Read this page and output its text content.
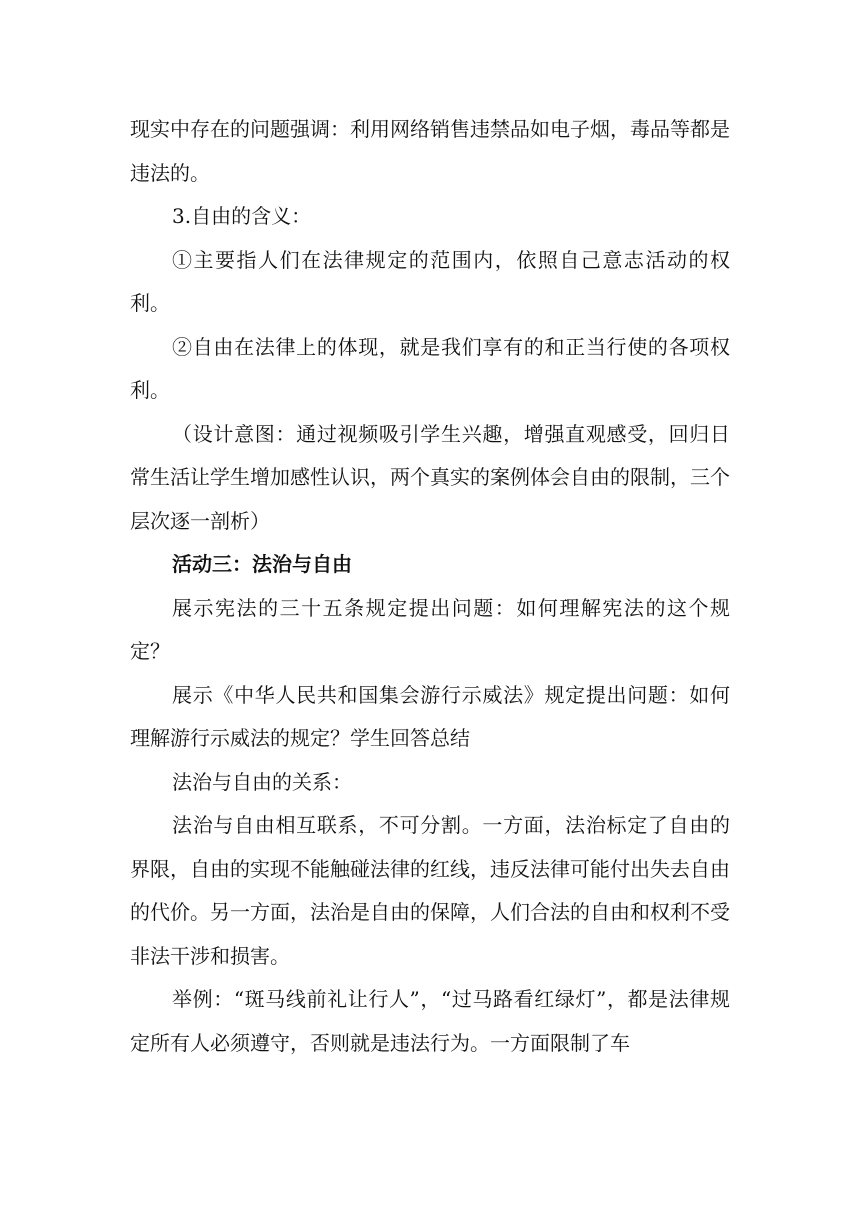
现实中存在的问题强调：利用网络销售违禁品如电子烟，毒品等都是违法的。

3.自由的含义：

①主要指人们在法律规定的范围内，依照自己意志活动的权利。

②自由在法律上的体现，就是我们享有的和正当行使的各项权利。

（设计意图：通过视频吸引学生兴趣，增强直观感受，回归日常生活让学生增加感性认识，两个真实的案例体会自由的限制，三个层次逐一剖析）

活动三：法治与自由

展示宪法的三十五条规定提出问题：如何理解宪法的这个规定？

展示《中华人民共和国集会游行示威法》规定提出问题：如何理解游行示威法的规定？学生回答总结

法治与自由的关系：

法治与自由相互联系，不可分割。一方面，法治标定了自由的界限，自由的实现不能触碰法律的红线，违反法律可能付出失去自由的代价。另一方面，法治是自由的保障，人们合法的自由和权利不受非法干涉和损害。

举例：“斑马线前礼让行人”，“过马路看红绿灯”，都是法律规定所有人必须遵守，否则就是违法行为。一方面限制了车
